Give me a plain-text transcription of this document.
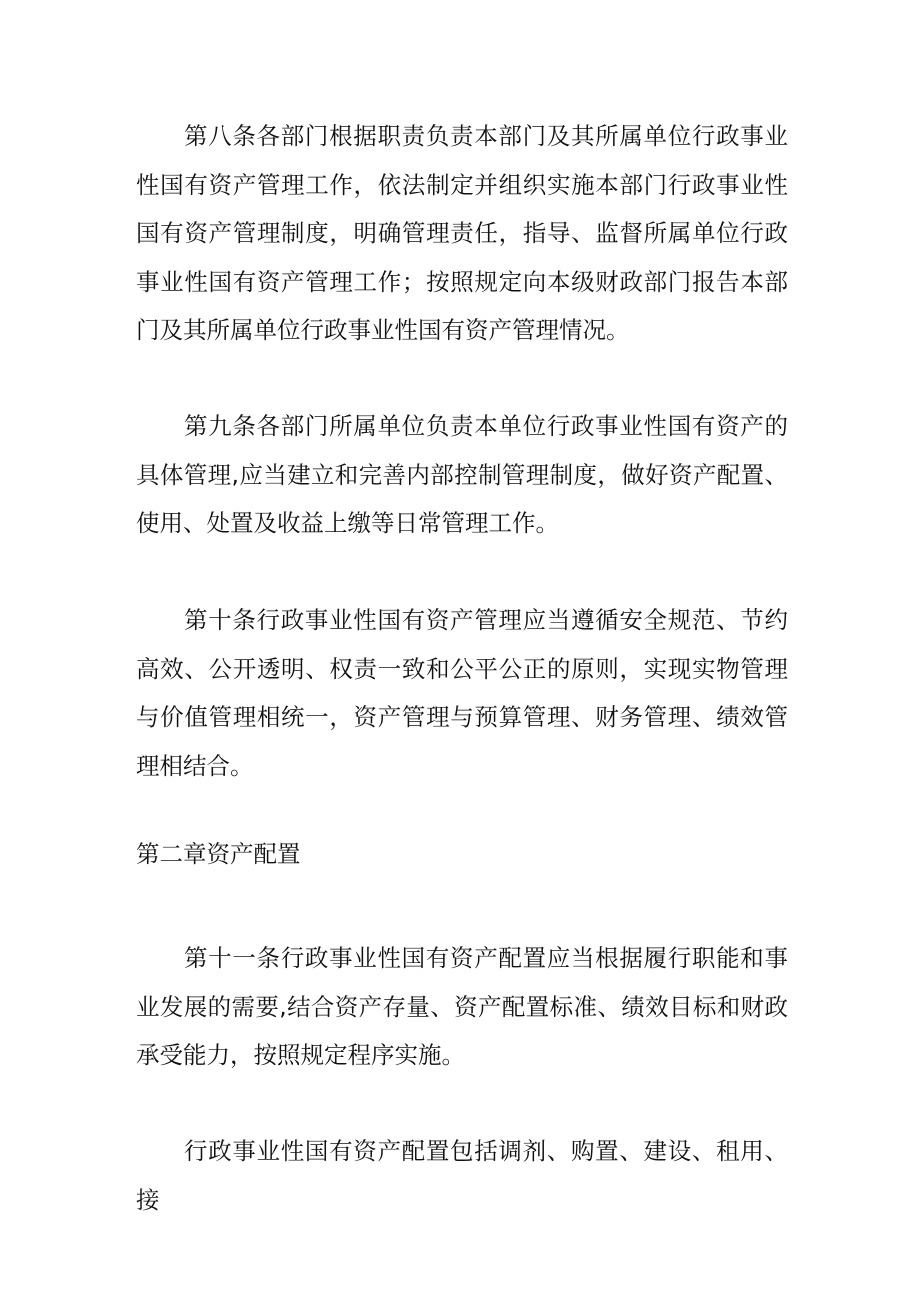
第八条各部门根据职责负责本部门及其所属单位行政事业性国有资产管理工作，依法制定并组织实施本部门行政事业性国有资产管理制度，明确管理责任，指导、监督所属单位行政事业性国有资产管理工作；按照规定向本级财政部门报告本部门及其所属单位行政事业性国有资产管理情况。

第九条各部门所属单位负责本单位行政事业性国有资产的具体管理,应当建立和完善内部控制管理制度，做好资产配置、使用、处置及收益上缴等日常管理工作。

第十条行政事业性国有资产管理应当遵循安全规范、节约高效、公开透明、权责一致和公平公正的原则，实现实物管理与价值管理相统一，资产管理与预算管理、财务管理、绩效管理相结合。

第二章资产配置

第十一条行政事业性国有资产配置应当根据履行职能和事业发展的需要,结合资产存量、资产配置标准、绩效目标和财政承受能力，按照规定程序实施。

行政事业性国有资产配置包括调剂、购置、建设、租用、接
